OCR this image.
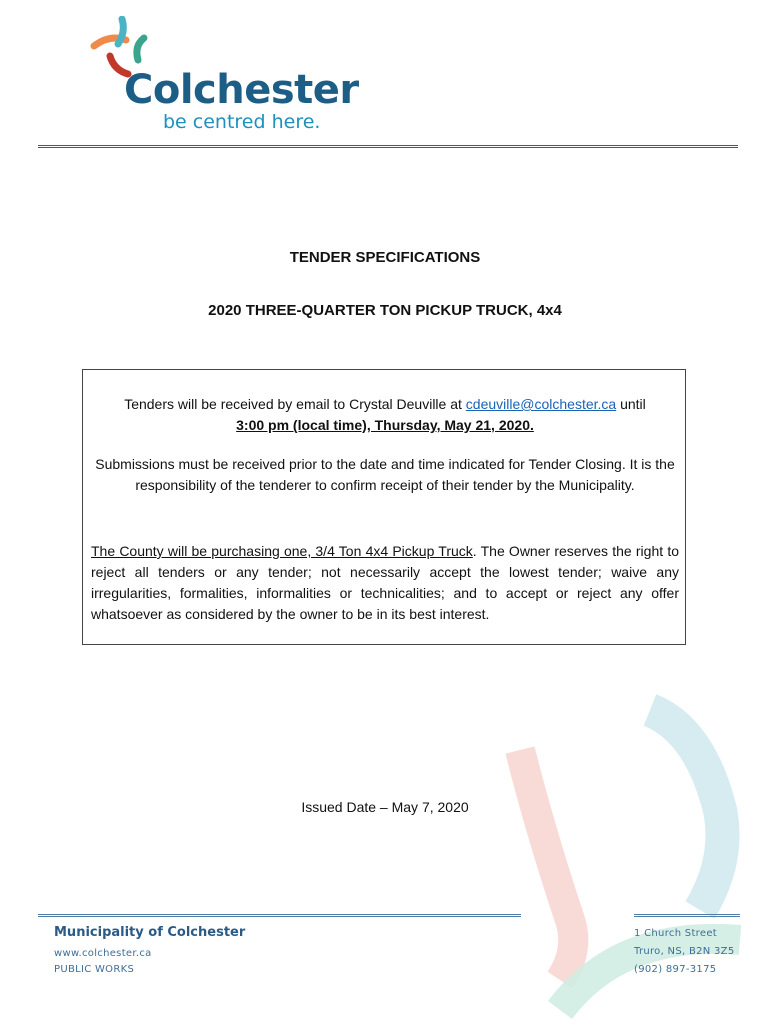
Colchester
be centred here.
TENDER SPECIFICATIONS
2020 THREE-QUARTER TON PICKUP TRUCK, 4x4
Tenders will be received by email to Crystal Deuville at cdeuville@colchester.ca until
3:00 pm (local time), Thursday, May 21, 2020.
Submissions must be received prior to the date and time indicated for Tender Closing. It is the responsibility of the tenderer to confirm receipt of their tender by the Municipality.
The County will be purchasing one, 3/4 Ton 4x4 Pickup Truck. The Owner reserves the right to reject all tenders or any tender; not necessarily accept the lowest tender; waive any irregularities, formalities, informalities or technicalities; and to accept or reject any offer whatsoever as considered by the owner to be in its best interest.
Issued Date – May 7, 2020
Municipality of Colchester
www.colchester.ca
PUBLIC WORKS
1 Church Street
Truro, NS, B2N 3Z5
(902) 897-3175
